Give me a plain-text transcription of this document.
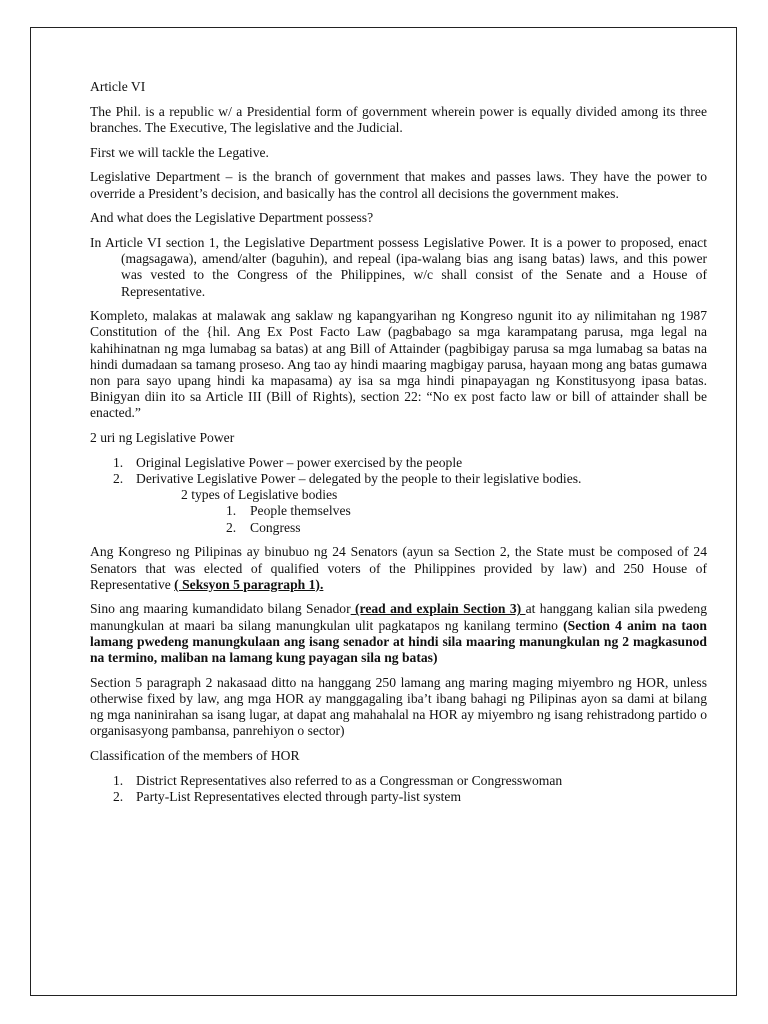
Article VI

The Phil. is a republic w/ a Presidential form of government wherein power is equally divided among its three branches. The Executive, The legislative and the Judicial.

First we will tackle the Legative.

Legislative Department – is the branch of government that makes and passes laws. They have the power to override a President’s decision, and basically has the control all decisions the government makes.

And what does the Legislative Department possess?

In Article VI section 1, the Legislative Department possess Legislative Power. It is a power to proposed, enact (magsagawa), amend/alter (baguhin), and repeal (ipa-walang bias ang isang batas) laws, and this power was vested to the Congress of the Philippines, w/c shall consist of the Senate and a House of Representative.

Kompleto, malakas at malawak ang saklaw ng kapangyarihan ng Kongreso ngunit ito ay nilimitahan ng 1987 Constitution of the {hil. Ang Ex Post Facto Law (pagbabago sa mga karampatang parusa, mga legal na kahihinatnan ng mga lumabag sa batas) at ang Bill of Attainder (pagbibigay parusa sa mga lumabag sa batas na hindi dumadaan sa tamang proseso. Ang tao ay hindi maaring magbigay parusa, hayaan mong ang batas gumawa non para sayo upang hindi ka mapasama) ay isa sa mga hindi pinapayagan ng Konstitusyong ipasa batas. Binigyan diin ito sa Article III (Bill of Rights), section 22: “No ex post facto law or bill of attainder shall be enacted.”

2 uri ng Legislative Power

1. Original Legislative Power – power exercised by the people
2. Derivative Legislative Power – delegated by the people to their legislative bodies.

2 types of Legislative bodies

1. People themselves
2. Congress

Ang Kongreso ng Pilipinas ay binubuo ng 24 Senators (ayun sa Section 2, the State must be composed of 24 Senators that was elected of qualified voters of the Philippines provided by law) and 250 House of Representative ( Seksyon 5 paragraph 1).

Sino ang maaring kumandidato bilang Senador (read and explain Section 3) at hanggang kalian sila pwedeng manungkulan at maari ba silang manungkulan ulit pagkatapos ng kanilang termino (Section 4 anim na taon lamang pwedeng manungkulaan ang isang senador at hindi sila maaring manungkulan ng 2 magkasunod na termino, maliban na lamang kung payagan sila ng batas)

Section 5 paragraph 2 nakasaad ditto na hanggang 250 lamang ang maring maging miyembro ng HOR, unless otherwise fixed by law, ang mga HOR ay manggagaling iba’t ibang bahagi ng Pilipinas ayon sa dami at bilang ng mga naninirahan sa isang lugar, at dapat ang mahahalal na HOR ay miyembro ng isang rehistradong partido o organisasyong pambansa, panrehiyon o sector)

Classification of the members of HOR

1. District Representatives also referred to as a Congressman or Congresswoman
2. Party-List Representatives elected through party-list system
